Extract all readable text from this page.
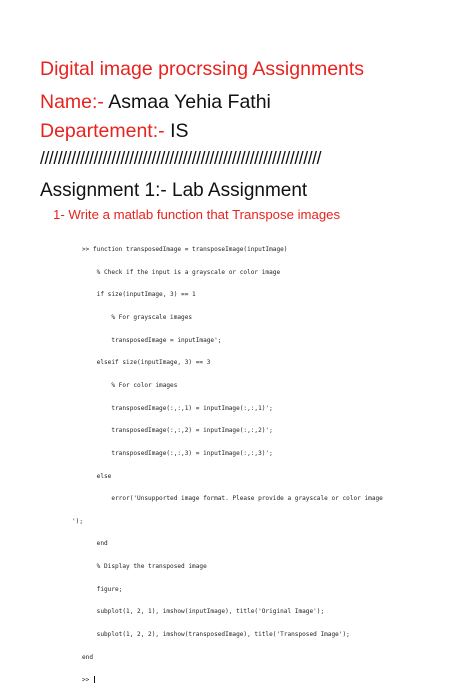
Digital image procrssing Assignments
Name:- Asmaa Yehia Fathi
Departement:- IS
///////////////////////////////////////////////////////////////
Assignment 1:- Lab Assignment
1- Write a matlab function that Transpose images

>> function transposedImage = transposeImage(inputImage)

% Check if the input is a grayscale or color image

if size(inputImage, 3) == 1

% For grayscale images

transposedImage = inputImage';

elseif size(inputImage, 3) == 3

% For color images

transposedImage(:,:,1) = inputImage(:,:,1)';

transposedImage(:,:,2) = inputImage(:,:,2)';

transposedImage(:,:,3) = inputImage(:,:,3)';

else

error('Unsupported image format. Please provide a grayscale or color image

');

end

% Display the transposed image

figure;

subplot(1, 2, 1), imshow(inputImage), title('Original Image');

subplot(1, 2, 2), imshow(transposedImage), title('Transposed Image');

end

>>
